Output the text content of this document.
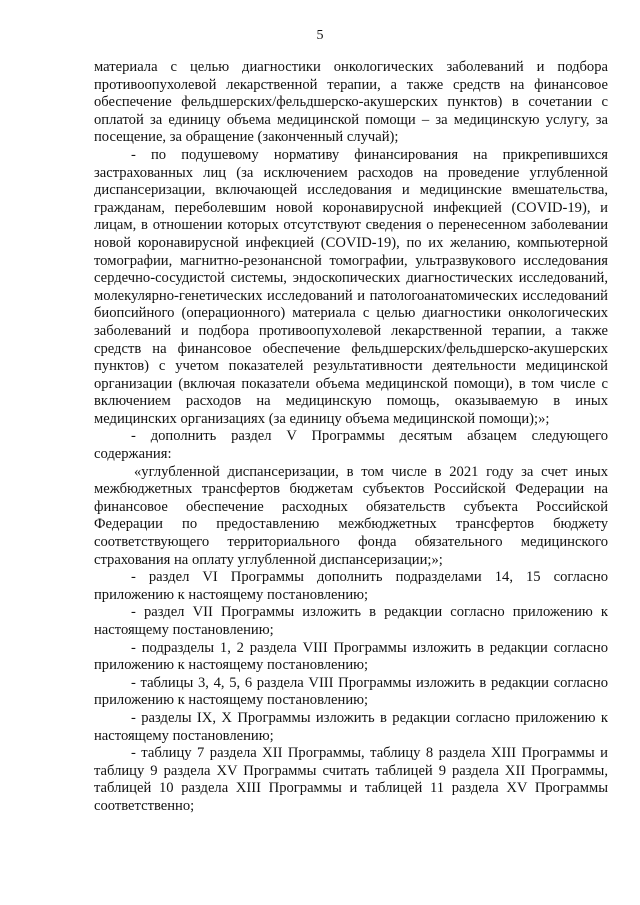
5

материала с целью диагностики онкологических заболеваний и подбора противоопухолевой лекарственной терапии, а также средств на финансовое обеспечение фельдшерских/фельдшерско-акушерских пунктов) в сочетании с оплатой за единицу объема медицинской помощи – за медицинскую услугу, за посещение, за обращение (законченный случай);

- по подушевому нормативу финансирования на прикрепившихся застрахованных лиц (за исключением расходов на проведение углубленной диспансеризации, включающей исследования и медицинские вмешательства, гражданам, переболевшим новой коронавирусной инфекцией (COVID-19), и лицам, в отношении которых отсутствуют сведения о перенесенном заболевании новой коронавирусной инфекцией (COVID-19), по их желанию, компьютерной томографии, магнитно-резонансной томографии, ультразвукового исследования сердечно-сосудистой системы, эндоскопических диагностических исследований, молекулярно-генетических исследований и патологоанатомических исследований биопсийного (операционного) материала с целью диагностики онкологических заболеваний и подбора противоопухолевой лекарственной терапии, а также средств на финансовое обеспечение фельдшерских/фельдшерско-акушерских пунктов) с учетом показателей результативности деятельности медицинской организации (включая показатели объема медицинской помощи), в том числе с включением расходов на медицинскую помощь, оказываемую в иных медицинских организациях (за единицу объема медицинской помощи);»;

- дополнить раздел V Программы десятым абзацем следующего содержания:

«углубленной диспансеризации, в том числе в 2021 году за счет иных межбюджетных трансфертов бюджетам субъектов Российской Федерации на финансовое обеспечение расходных обязательств субъекта Российской Федерации по предоставлению межбюджетных трансфертов бюджету соответствующего территориального фонда обязательного медицинского страхования на оплату углубленной диспансеризации;»;

- раздел VI Программы дополнить подразделами 14, 15 согласно приложению к настоящему постановлению;

- раздел VII Программы изложить в редакции согласно приложению к настоящему постановлению;

- подразделы 1, 2 раздела VIII Программы изложить в редакции согласно приложению к настоящему постановлению;

- таблицы 3, 4, 5, 6 раздела VIII Программы изложить в редакции согласно приложению к настоящему постановлению;

- разделы IX, X Программы изложить в редакции согласно приложению к настоящему постановлению;

- таблицу 7 раздела XII Программы, таблицу 8 раздела XIII Программы и таблицу 9 раздела XV Программы считать таблицей 9 раздела XII Программы, таблицей 10 раздела XIII Программы и таблицей 11 раздела XV Программы соответственно;
